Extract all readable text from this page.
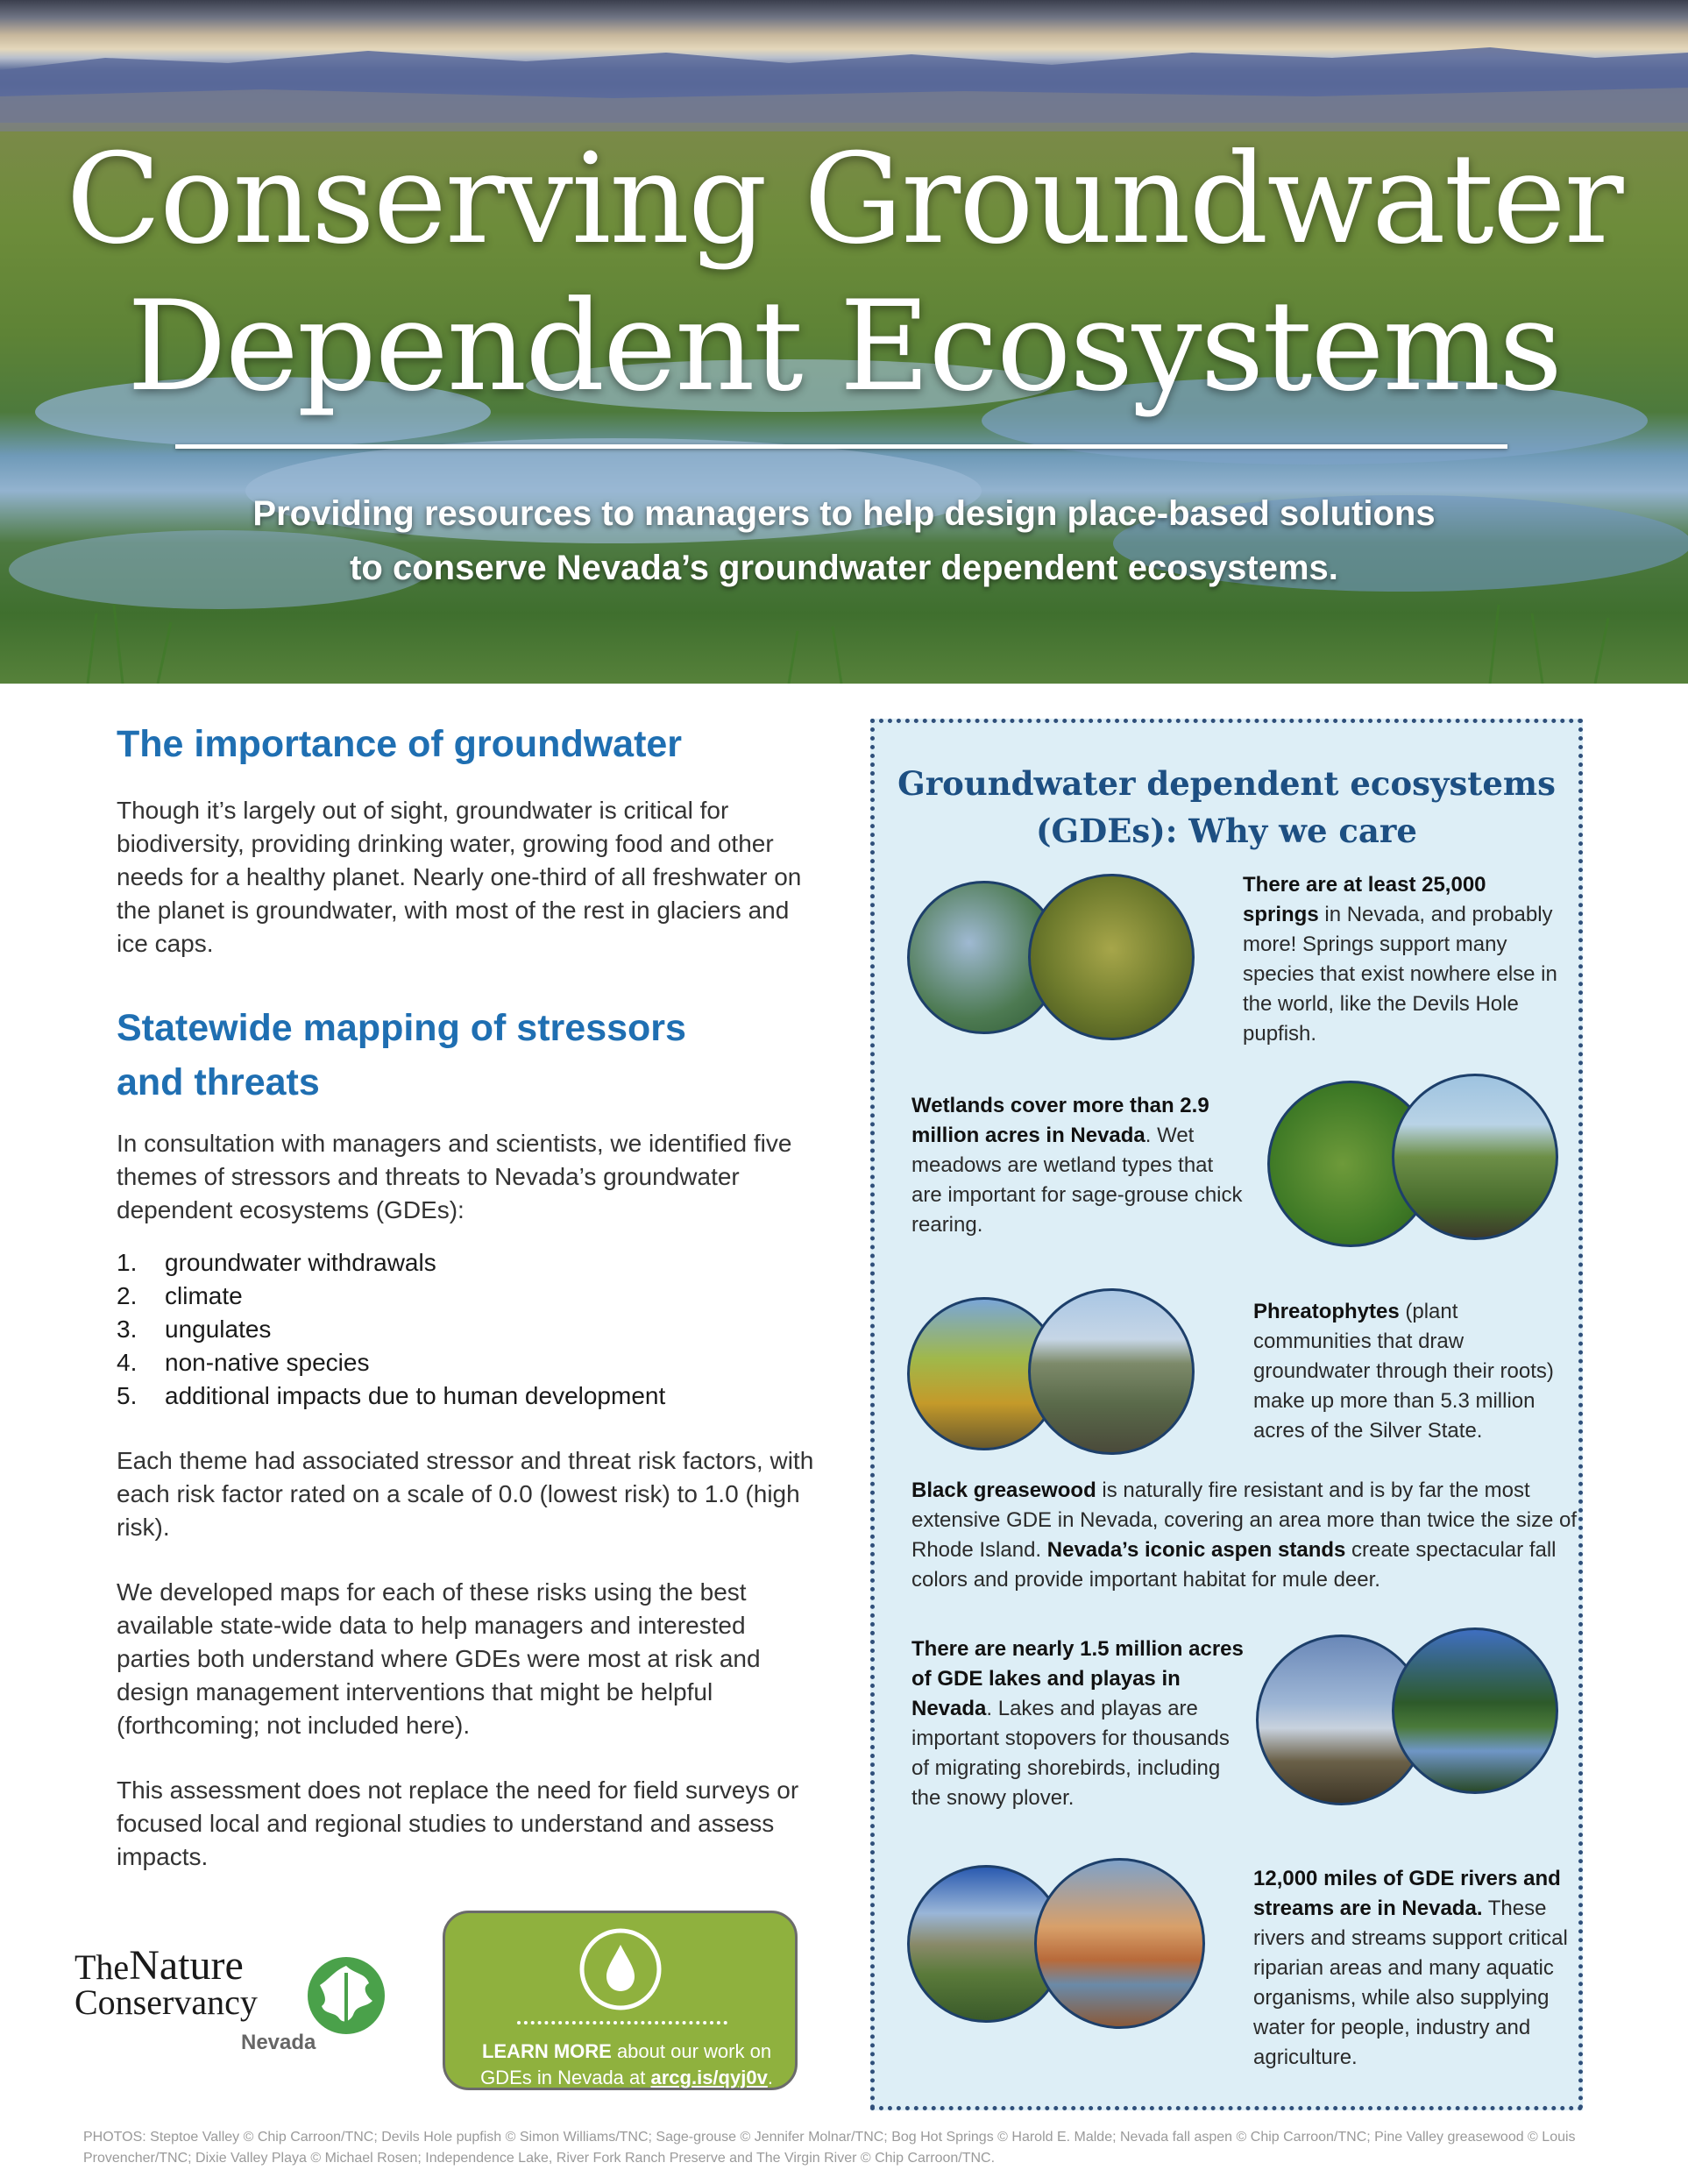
Conserving Groundwater
Dependent Ecosystems
Providing resources to managers to help design place-based solutions
to conserve Nevada’s groundwater dependent ecosystems.
The importance of groundwater

Though it’s largely out of sight, groundwater is critical for biodiversity, providing drinking water, growing food and other needs for a healthy planet. Nearly one-third of all freshwater on the planet is groundwater, with most of the rest in glaciers and ice caps.

Statewide mapping of stressors
and threats

In consultation with managers and scientists, we identified five themes of stressors and threats to Nevada’s groundwater dependent ecosystems (GDEs):

1.	groundwater withdrawals
2.	climate
3.	ungulates
4.	non-native species
5.	additional impacts due to human development

Each theme had associated stressor and threat risk factors, with each risk factor rated on a scale of 0.0 (lowest risk) to 1.0 (high risk).

We developed maps for each of these risks using the best available state-wide data to help managers and interested parties both understand where GDEs were most at risk and design management interventions that might be helpful (forthcoming; not included here).

This assessment does not replace the need for field surveys or focused local and regional studies to understand and assess impacts.

TheNature
Conservancy
Nevada	LEARN MORE about our work on GDEs in Nevada at arcg.is/qyj0v.
Groundwater dependent ecosystems
(GDEs): Why we care
There are at least 25,000 springs in Nevada, and probably more! Springs support many species that exist nowhere else in the world, like the Devils Hole pupfish.
Wetlands cover more than 2.9 million acres in Nevada. Wet meadows are wetland types that are important for sage-grouse chick rearing.
Phreatophytes (plant communities that draw groundwater through their roots) make up more than 5.3 million acres of the Silver State.
Black greasewood is naturally fire resistant and is by far the most extensive GDE in Nevada, covering an area more than twice the size of Rhode Island. Nevada’s iconic aspen stands create spectacular fall colors and provide important habitat for mule deer.
There are nearly 1.5 million acres of GDE lakes and playas in Nevada. Lakes and playas are important stopovers for thousands of migrating shorebirds, including the snowy plover.
12,000 miles of GDE rivers and streams are in Nevada. These rivers and streams support critical riparian areas and many aquatic organisms, while also supplying water for people, industry and agriculture.
PHOTOS: Steptoe Valley © Chip Carroon/TNC; Devils Hole pupfish © Simon Williams/TNC; Sage-grouse © Jennifer Molnar/TNC; Bog Hot Springs © Harold E. Malde; Nevada fall aspen © Chip Carroon/TNC; Pine Valley greasewood © Louis Provencher/TNC; Dixie Valley Playa © Michael Rosen; Independence Lake, River Fork Ranch Preserve and The Virgin River © Chip Carroon/TNC.
